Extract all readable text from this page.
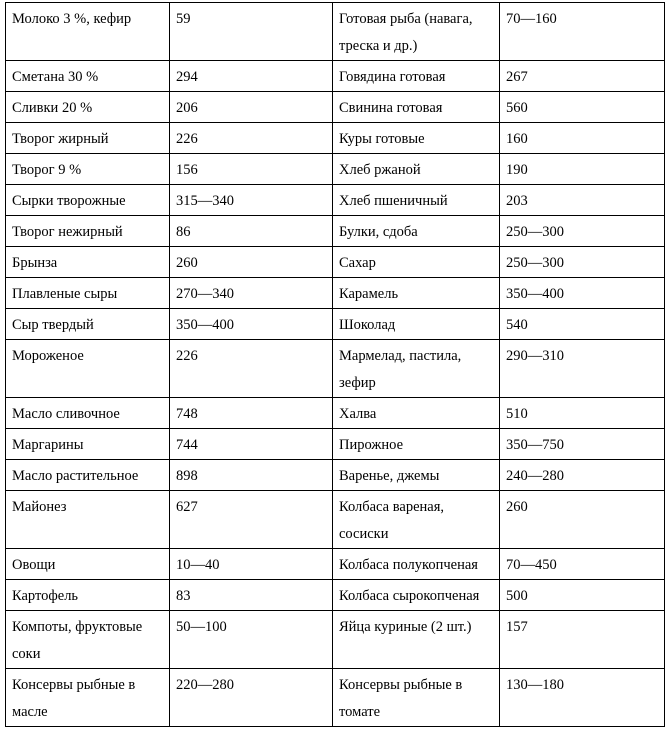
Молоко 3 %, кефир	59	Готовая рыба (навага, треска и др.)	70—160
Сметана 30 %	294	Говядина готовая	267
Сливки 20 %	206	Свинина готовая	560
Творог жирный	226	Куры готовые	160
Творог 9 %	156	Хлеб ржаной	190
Сырки творожные	315—340	Хлеб пшеничный	203
Творог нежирный	86	Булки, сдоба	250—300
Брынза	260	Сахар	250—300
Плавленые сыры	270—340	Карамель	350—400
Сыр твердый	350—400	Шоколад	540
Мороженое	226	Мармелад, пастила, зефир	290—310
Масло сливочное	748	Халва	510
Маргарины	744	Пирожное	350—750
Масло растительное	898	Варенье, джемы	240—280
Майонез	627	Колбаса вареная, сосиски	260
Овощи	10—40	Колбаса полукопченая	70—450
Картофель	83	Колбаса сырокопченая	500
Компоты, фруктовые соки	50—100	Яйца куриные (2 шт.)	157
Консервы рыбные в масле	220—280	Консервы рыбные в томате	130—180
